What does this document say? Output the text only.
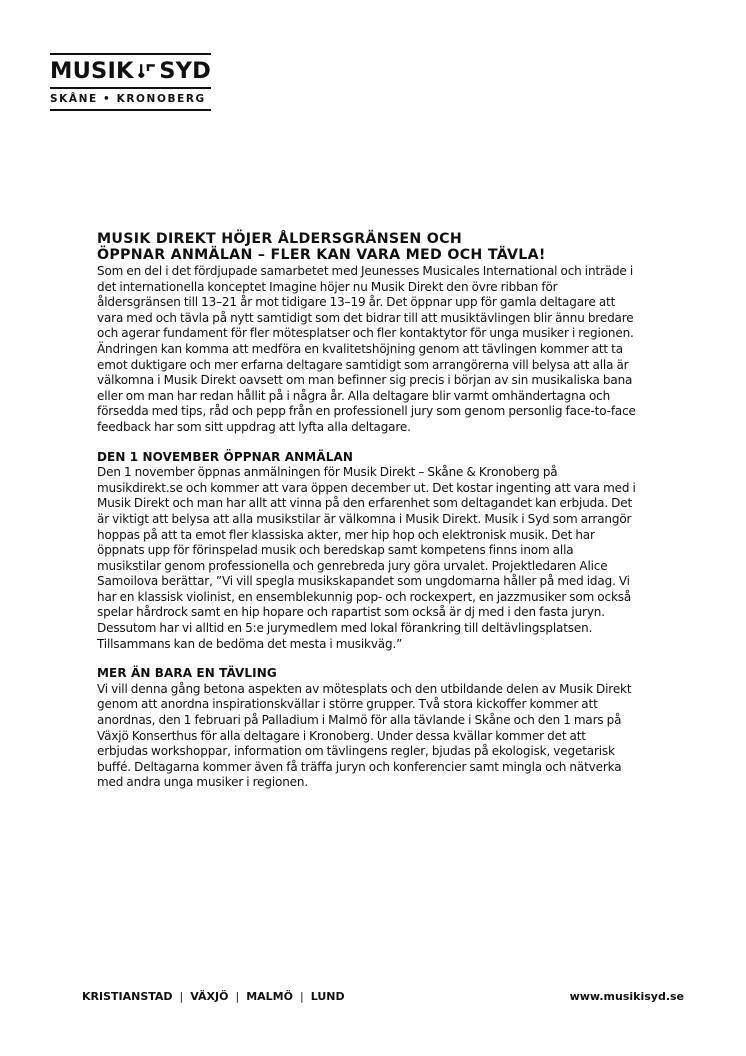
MUSIK SYD
SKÅNE • KRONOBERG
MUSIK DIREKT HÖJER ÅLDERSGRÄNSEN OCH
ÖPPNAR ANMÄLAN – FLER KAN VARA MED OCH TÄVLA!

Som en del i det fördjupade samarbetet med Jeunesses Musicales International och inträde i det internationella konceptet Imagine höjer nu Musik Direkt den övre ribban för åldersgränsen till 13–21 år mot tidigare 13–19 år. Det öppnar upp för gamla deltagare att vara med och tävla på nytt samtidigt som det bidrar till att musiktävlingen blir ännu bredare och agerar fundament för fler mötesplatser och fler kontaktytor för unga musiker i regionen. Ändringen kan komma att medföra en kvalitetshöjning genom att tävlingen kommer att ta emot duktigare och mer erfarna deltagare samtidigt som arrangörerna vill belysa att alla är välkomna i Musik Direkt oavsett om man befinner sig precis i början av sin musikaliska bana eller om man har redan hållit på i några år. Alla deltagare blir varmt omhändertagna och försedda med tips, råd och pepp från en professionell jury som genom personlig face-to-face feedback har som sitt uppdrag att lyfta alla deltagare.

DEN 1 NOVEMBER ÖPPNAR ANMÄLAN

Den 1 november öppnas anmälningen för Musik Direkt – Skåne & Kronoberg på musikdirekt.se och kommer att vara öppen december ut. Det kostar ingenting att vara med i Musik Direkt och man har allt att vinna på den erfarenhet som deltagandet kan erbjuda. Det är viktigt att belysa att alla musikstilar är välkomna i Musik Direkt. Musik i Syd som arrangör hoppas på att ta emot fler klassiska akter, mer hip hop och elektronisk musik. Det har öppnats upp för förinspelad musik och beredskap samt kompetens finns inom alla musikstilar genom professionella och genrebreda jury göra urvalet. Projektledaren Alice Samoilova berättar, ”Vi vill spegla musikskapandet som ungdomarna håller på med idag. Vi har en klassisk violinist, en ensemblekunnig pop- och rockexpert, en jazzmusiker som också spelar hårdrock samt en hip hopare och rapartist som också är dj med i den fasta juryn. Dessutom har vi alltid en 5:e jurymedlem med lokal förankring till deltävlingsplatsen. Tillsammans kan de bedöma det mesta i musikväg.”

MER ÄN BARA EN TÄVLING

Vi vill denna gång betona aspekten av mötesplats och den utbildande delen av Musik Direkt genom att anordna inspirationskvällar i större grupper. Två stora kickoffer kommer att anordnas, den 1 februari på Palladium i Malmö för alla tävlande i Skåne och den 1 mars på Växjö Konserthus för alla deltagare i Kronoberg. Under dessa kvällar kommer det att erbjudas workshoppar, information om tävlingens regler, bjudas på ekologisk, vegetarisk buffé. Deltagarna kommer även få träffa juryn och konferencier samt mingla och nätverka med andra unga musiker i regionen.

KRISTIANSTAD | VÄXJÖ | MALMÖ | LUND	www.musikisyd.se
